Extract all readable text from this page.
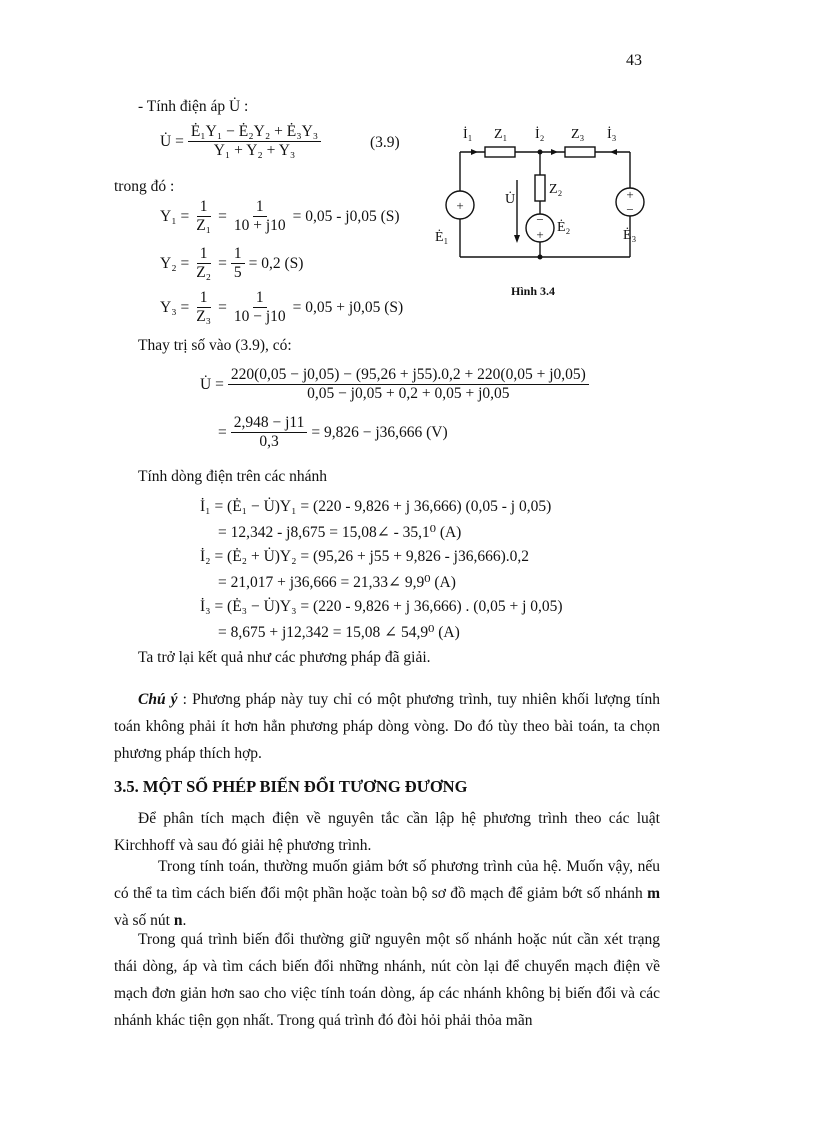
43
- Tính điện áp U̇ :
U̇ = $\frac{\text{Ė₁Y₁ − Ė₂Y₂ + Ė₃Y₃}}{\text{Y₁ + Y₂ + Y₃}}$	(3.9)
trong đó :
$Y_1 = \frac{1}{\text{Z₁}} = \frac{1}{10 + j10} = 0,05 - j0,05$ (S)
$Y_2 = \frac{1}{\text{Z₂}} = \frac{1}{5} = 0,2$ (S)
$Y_3 = \frac{1}{\text{Z₃}} = \frac{1}{10 - j10} = 0,05 + j0,05$ (S)
Thay trị số vào (3.9), có:
U̇ = $\frac{220(0,05 - j0,05) - (95,26 + j55).0,2 + 220(0,05 + j0,05)}{0,05 - j0,05 + 0,2 + 0,05 + j0,05}$
= $\frac{2,948 - j11}{0,3} = 9,826 - j36,666$ (V)
Tính dòng điện trên các nhánh
İ₁ = (Ė₁ − U̇)Y₁ = (220 - 9,826 + j 36,666) (0,05 - j 0,05)
= 12,342 - j8,675 = 15,08∠ - 35,1⁰ (A)
İ₂ = (Ė₂ + U̇)Y₂ = (95,26 + j55 + 9,826 - j36,666).0,2
= 21,017 + j36,666 = 21,33∠ 9,9⁰ (A)
İ₃ = (Ė₃ − U̇)Y₃ = (220 - 9,826 + j 36,666) . (0,05 + j 0,05)
= 8,675 + j12,342 = 15,08 ∠ 54,9⁰ (A)
Ta trở lại kết quả như các phương pháp đã giải.
Chú ý : Phương pháp này tuy chỉ có một phương trình, tuy nhiên khối lượng tính toán không phải ít hơn hẳn phương pháp dòng vòng. Do đó tùy theo bài toán, ta chọn phương pháp thích hợp.
3.5. MỘT SỐ PHÉP BIẾN ĐỔI TƯƠNG ĐƯƠNG
Để phân tích mạch điện về nguyên tắc cần lập hệ phương trình theo các luật Kirchhoff và sau đó giải hệ phương trình.
Trong tính toán, thường muốn giảm bớt số phương trình của hệ. Muốn vậy, nếu có thể ta tìm cách biến đổi một phần hoặc toàn bộ sơ đồ mạch để giảm bớt số nhánh m và số nút n.
Trong quá trình biến đổi thường giữ nguyên một số nhánh hoặc nút cần xét trạng thái dòng, áp và tìm cách biến đổi những nhánh, nút còn lại để chuyển mạch điện về mạch đơn giản hơn sao cho việc tính toán dòng, áp các nhánh không bị biến đổi và các nhánh khác tiện gọn nhất. Trong quá trình đó đòi hỏi phải thỏa mãn
+
−
+
+
−
İ₁ Z₁ İ₂ Z₃ İ₃
Z₂
U̇
Ė₁
Ė₂
Ė₃
Hình 3.4
